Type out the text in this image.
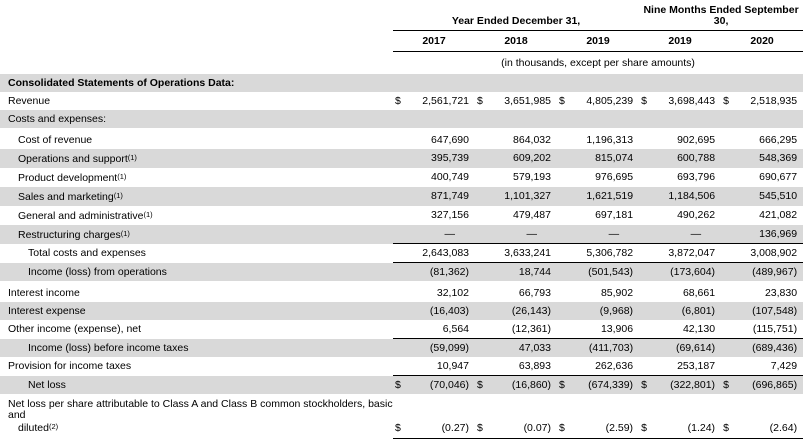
	Year Ended December 31,						Nine Months Ended September 30,			
	2017		2018		2019		2019		2020	
	(in thousands, except per share amounts)									
Consolidated Statements of Operations Data:										
Revenue	$	2,561,721	$	3,651,985	$	4,805,239	$	3,698,443	$	2,518,935
Costs and expenses:										

Cost of revenue		647,690		864,032		1,196,313		902,695		666,295
Operations and support$^{(1)}$		395,739		609,202		815,074		600,788		548,369
Product development$^{(1)}$		400,749		579,193		976,695		693,796		690,677
Sales and marketing$^{(1)}$		871,749		1,101,327		1,621,519		1,184,506		545,510
General and administrative$^{(1)}$		327,156		479,487		697,181		490,262		421,082
Restructuring charges$^{(1)}$		—		—		—		—		136,969
Total costs and expenses		2,643,083		3,633,241		5,306,782		3,872,047		3,008,902
Income (loss) from operations		(81,362)		18,744		(501,543)		(173,604)		(489,967)

Interest income		32,102		66,793		85,902		68,661		23,830
Interest expense		(16,403)		(26,143)		(9,968)		(6,801)		(107,548)
Other income (expense), net		6,564		(12,361)		13,906		42,130		(115,751)
Income (loss) before income taxes		(59,099)		47,033		(411,703)		(69,614)		(689,436)
Provision for income taxes		10,947		63,893		262,636		253,187		7,429
Net loss	$	(70,046)	$	(16,860)	$	(674,339)	$	(322,801)	$	(696,865)

Net loss per share attributable to Class A and Class B common stockholders, basic and
diluted$^{(2)}$	$	(0.27)	$	(0.07)	$	(2.59)	$	(1.24)	$	(2.64)
